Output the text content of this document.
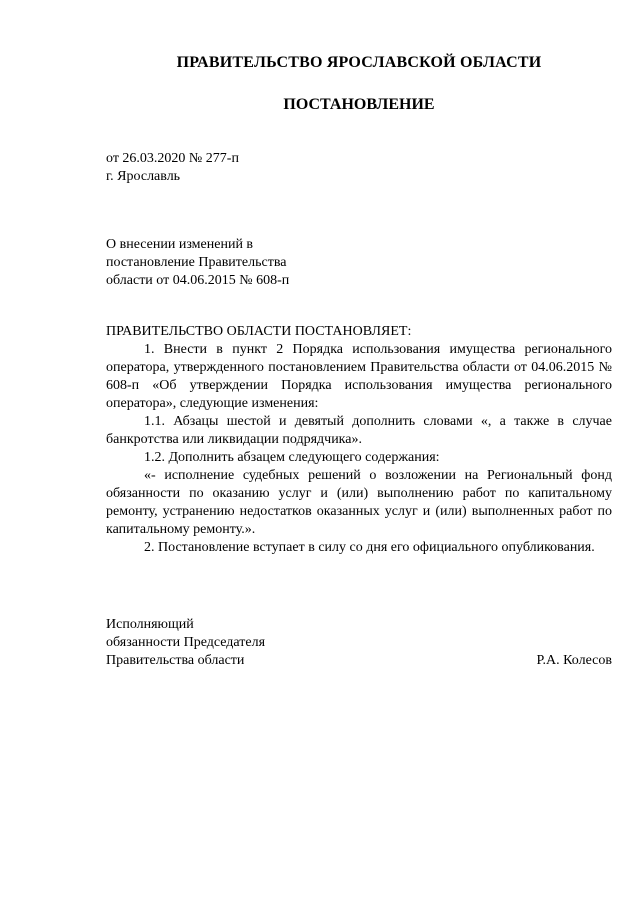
ПРАВИТЕЛЬСТВО ЯРОСЛАВСКОЙ ОБЛАСТИ
ПОСТАНОВЛЕНИЕ
от 26.03.2020 № 277-п
г. Ярославль
О внесении изменений в
постановление Правительства
области от 04.06.2015 № 608-п

ПРАВИТЕЛЬСТВО ОБЛАСТИ ПОСТАНОВЛЯЕТ:

1. Внести в пункт 2 Порядка использования имущества регионального оператора, утвержденного постановлением Правительства области от 04.06.2015 № 608-п «Об утверждении Порядка использования имущества регионального оператора», следующие изменения:

1.1. Абзацы шестой и девятый дополнить словами «, а также в случае банкротства или ликвидации подрядчика».

1.2. Дополнить абзацем следующего содержания:

«- исполнение судебных решений о возложении на Региональный фонд обязанности по оказанию услуг и (или) выполнению работ по капитальному ремонту, устранению недостатков оказанных услуг и (или) выполненных работ по капитальному ремонту.».

2. Постановление вступает в силу со дня его официального опубликования.

Исполняющий
обязанности Председателя
Правительства области	Р.А. Колесов
